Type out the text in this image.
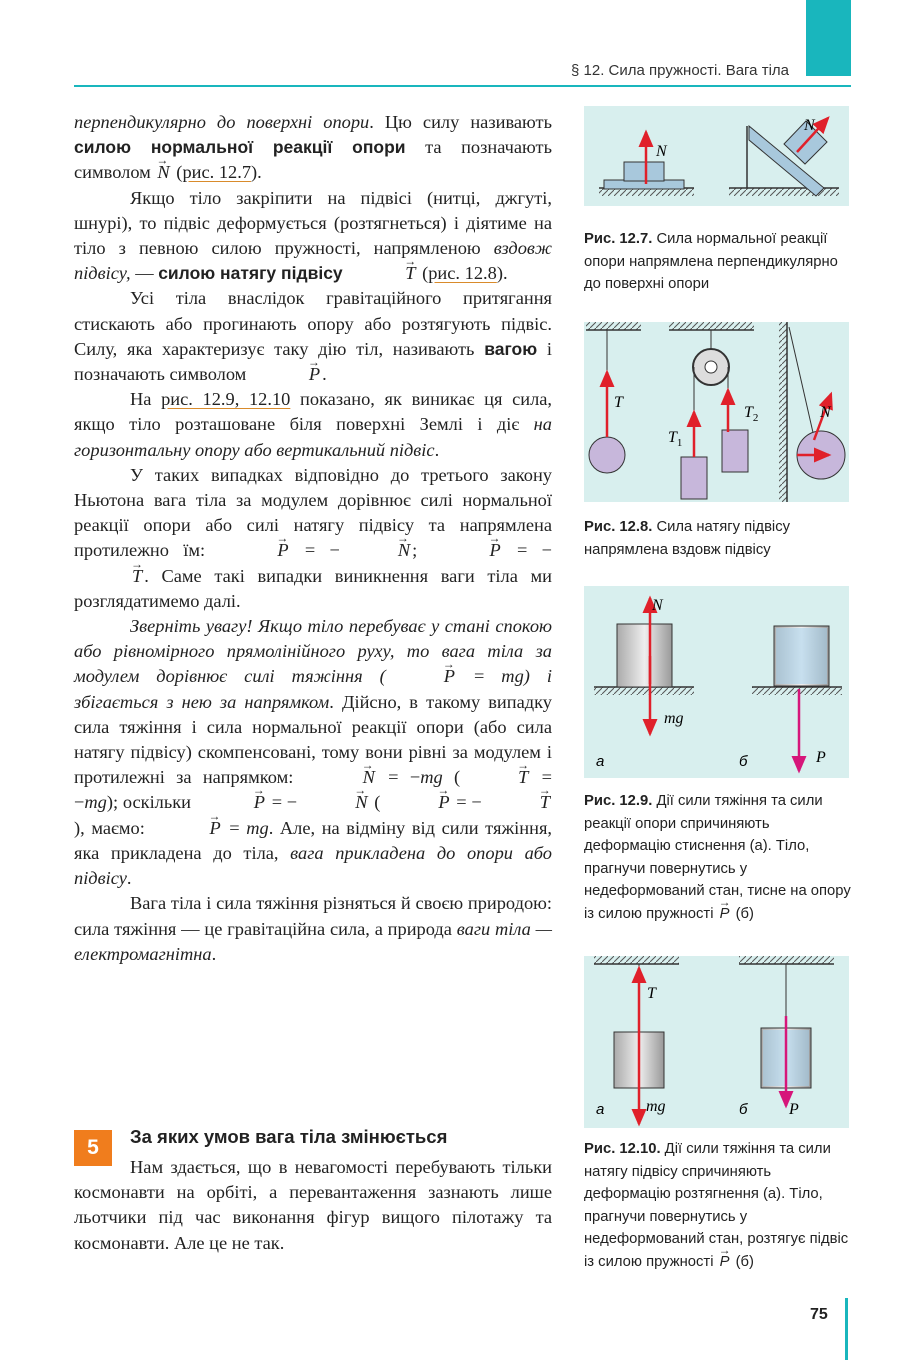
§ 12. Сила пружності. Вага тіла

перпендикулярно до поверхні опори. Цю силу називають силою нормальної реакції опори та позначають символом → N (рис. 12.7).

Якщо тіло закріпити на підвісі (нитці, джгуті, шнурі), то підвіс деформується (розтягнеться) і діятиме на тіло з певною силою пружності, напрямленою вздовж підвісу, — силою натягу підвісу	→ T (рис. 12.8).

Усі тіла внаслідок гравітаційного притягання стискають або прогинають опору або розтягують підвіс. Силу, яка характеризує таку дію тіл, називають вагою і позначають символом	→ P .

На рис. 12.9, 12.10 показано, як виникає ця сила, якщо тіло розташоване біля поверхні Землі і діє на горизонтальну опору або вертикальний підвіс.

У таких випадках відповідно до третього закону Ньютона вага тіла за модулем дорівнює силі нормальної реакції опори або силі натягу підвісу та напрямлена протилежно їм:	→ P = −	→ N ;	→ P = −→ T . Саме такі випадки виникнення ваги тіла ми розглядатимемо далі.

Зверніть увагу! Якщо тіло перебуває у стані спокою або рівномірного прямолінійного руху, то вага тіла за модулем дорівнює силі тяжіння (	→ P = mg) і збігається з нею за напрямком. Дійсно, в такому випадку сила тяжіння і сила нормальної реакції опори (або сила натягу підвісу) скомпенсовані, тому вони рівні за модулем і протилежні за напрямком:	→ N = −mg (	→ T = −mg); оскільки	→ P = −	→ N (	→ P = −	→ T), маємо:	→ P = mg. Але, на відміну від сили тяжіння, яка прикладена до тіла, вага прикладена до опори або підвісу.

Вага тіла і сила тяжіння різняться й своєю природою: сила тяжіння — це гравітаційна сила, а природа ваги тіла — електромагнітна.

5	За яких умов вага тіла змінюється

Нам здається, що в невагомості перебувають тільки космонавти на орбіті, а перевантаження зазнають лише льотчики під час виконання фігур вищого пілотажу та космонавти. Але це не так.

N
N
Рис. 12.7. Сила нормальної реакції опори напрямлена перпендикулярно до поверхні опори
T
$T_1$
$T_2$	N
Рис. 12.8. Сила натягу підвісу напрямлена вздовж підвісу
N
mg
P
а	б
Рис. 12.9. Дії сили тяжіння та сили реакції опори спричиняють деформацію стиснення (а). Тіло, прагнучи повернутись у недеформований стан, тисне на опору із силою пружності → P (б)
T
mg	P
а	б
Рис. 12.10. Дії сили тяжіння та сили натягу підвісу спричиняють деформацію розтягнення (а). Тіло, прагнучи повернутись у недеформований стан, розтягує підвіс із силою пружності → P (б)
75
